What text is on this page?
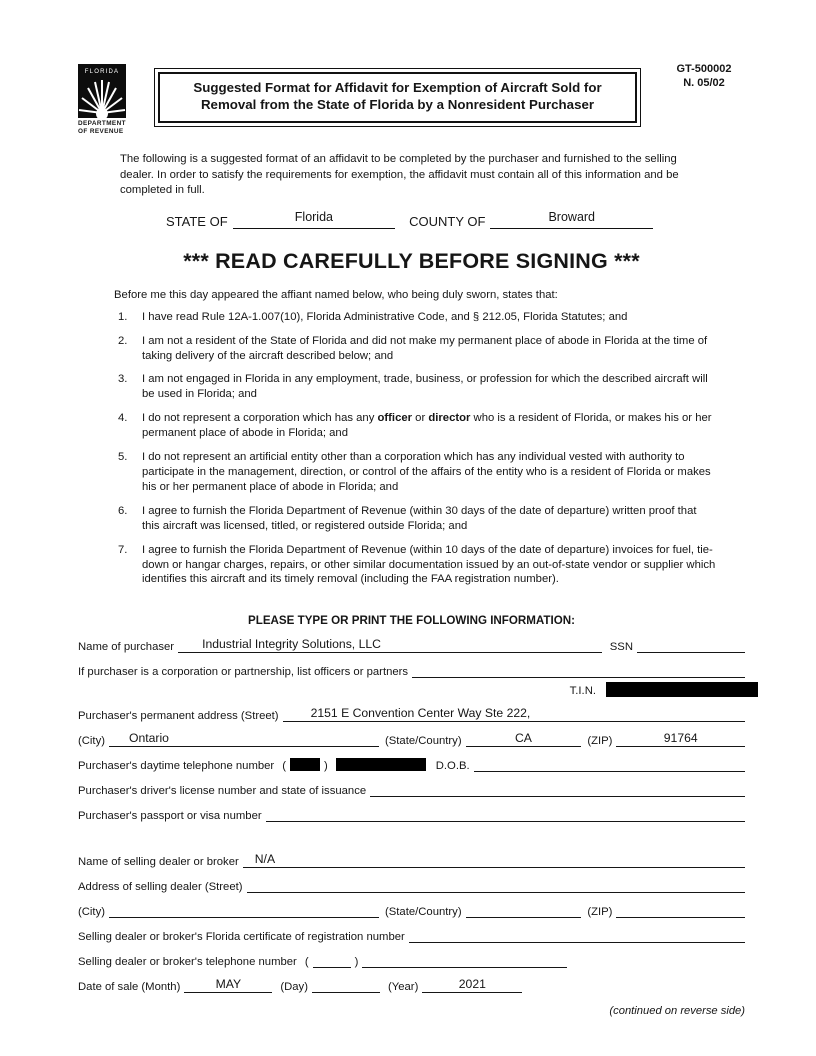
FLORIDA
DEPARTMENT
OF REVENUE
Suggested Format for Affidavit for Exemption of Aircraft Sold for Removal from the State of Florida by a Nonresident Purchaser
GT-500002
N. 05/02
The following is a suggested format of an affidavit to be completed by the purchaser and furnished to the selling dealer. In order to satisfy the requirements for exemption, the affidavit must contain all of this information and be completed in full.
STATE OF	Florida	COUNTY OF	Broward
*** READ CAREFULLY BEFORE SIGNING ***
Before me this day appeared the affiant named below, who being duly sworn, states that:
1.	I have read Rule 12A-1.007(10), Florida Administrative Code, and § 212.05, Florida Statutes; and
2.	I am not a resident of the State of Florida and did not make my permanent place of abode in Florida at the time of taking delivery of the aircraft described below; and
3.	I am not engaged in Florida in any employment, trade, business, or profession for which the described aircraft will be used in Florida; and
4.	I do not represent a corporation which has any officer or director who is a resident of Florida, or makes his or her permanent place of abode in Florida; and
5.	I do not represent an artificial entity other than a corporation which has any individual vested with authority to participate in the management, direction, or control of the affairs of the entity who is a resident of Florida or makes his or her permanent place of abode in Florida; and
6.	I agree to furnish the Florida Department of Revenue (within 30 days of the date of departure) written proof that this aircraft was licensed, titled, or registered outside Florida; and
7.	I agree to furnish the Florida Department of Revenue (within 10 days of the date of departure) invoices for fuel, tie-down or hangar charges, repairs, or other similar documentation issued by an out-of-state vendor or supplier which identifies this aircraft and its timely removal (including the FAA registration number).
PLEASE TYPE OR PRINT THE FOLLOWING INFORMATION:
Name of purchaser Industrial Integrity Solutions, LLC	SSN
If purchaser is a corporation or partnership, list officers or partners
T.I.N.
Purchaser's permanent address (Street)	2151 E Convention Center Way Ste 222,
(City) Ontario	(State/Country)	CA	(ZIP)	91764
Purchaser's daytime telephone number (	)	D.O.B.
Purchaser's driver's license number and state of issuance
Purchaser's passport or visa number
Name of selling dealer or broker N/A
Address of selling dealer (Street)
(City)	(State/Country)	(ZIP)
Selling dealer or broker's Florida certificate of registration number
Selling dealer or broker's telephone number (	)
Date of sale (Month)	MAY	(Day)	(Year)	2021
(continued on reverse side)
